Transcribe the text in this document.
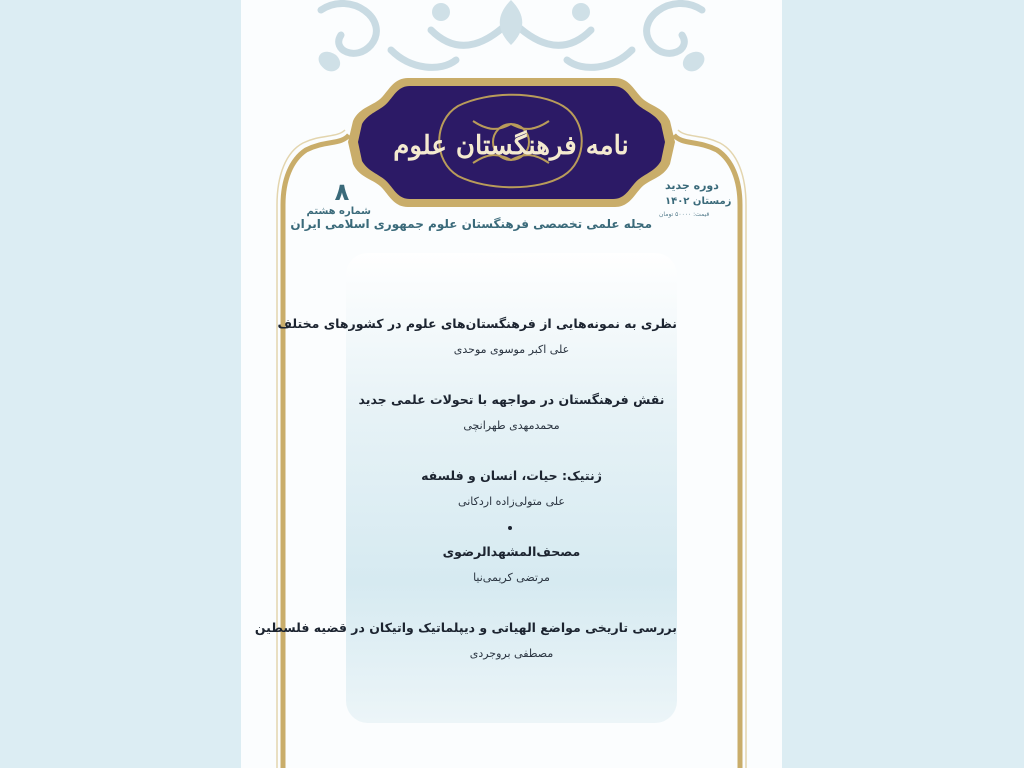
نامه فرهنگستان علوم
دوره جدید
زمستان ۱۴۰۲
قیمت: ۵۰۰۰۰ تومان
۸
شماره هشتم
مجله علمی تخصصی فرهنگستان علوم جمهوری اسلامی ایران
نظری به نمونه‌هایی از فرهنگستان‌های علوم در کشورهای مختلف
علی اکبر موسوی موحدی
نقش فرهنگستان در مواجهه با تحولات علمی جدید
محمدمهدی طهرانچی
ژنتیک: حیات، انسان و فلسفه
علی متولی‌زاده اردکانی
مصحف‌المشهدالرضوی
مرتضی کریمی‌نیا
بررسی تاریخی مواضع الهیاتی و دیپلماتیک واتیکان در قضیه فلسطین
مصطفی بروجردی
